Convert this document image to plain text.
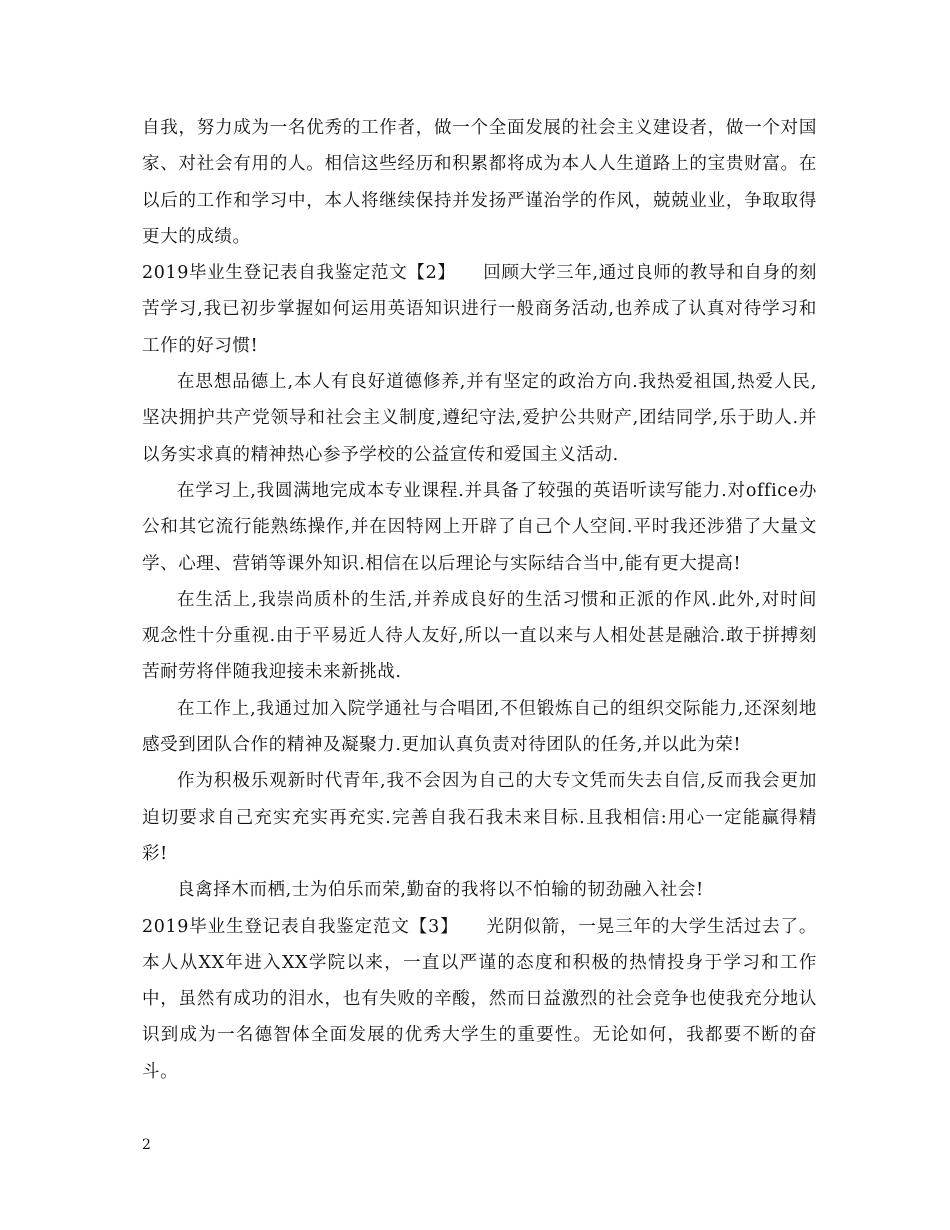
自我，努力成为一名优秀的工作者，做一个全面发展的社会主义建设者，做一个对国家、对社会有用的人。相信这些经历和积累都将成为本人人生道路上的宝贵财富。在以后的工作和学习中，本人将继续保持并发扬严谨治学的作风，兢兢业业，争取取得更大的成绩。

2019毕业生登记表自我鉴定范文【2】　　回顾大学三年,通过良师的教导和自身的刻苦学习,我已初步掌握如何运用英语知识进行一般商务活动,也养成了认真对待学习和工作的好习惯!

在思想品德上,本人有良好道德修养,并有坚定的政治方向.我热爱祖国,热爱人民,坚决拥护共产党领导和社会主义制度,遵纪守法,爱护公共财产,团结同学,乐于助人.并以务实求真的精神热心参予学校的公益宣传和爱国主义活动.

在学习上,我圆满地完成本专业课程.并具备了较强的英语听读写能力.对office办公和其它流行能熟练操作,并在因特网上开辟了自己个人空间.平时我还涉猎了大量文学、心理、营销等课外知识.相信在以后理论与实际结合当中,能有更大提高!

在生活上,我崇尚质朴的生活,并养成良好的生活习惯和正派的作风.此外,对时间观念性十分重视.由于平易近人待人友好,所以一直以来与人相处甚是融洽.敢于拼搏刻苦耐劳将伴随我迎接未来新挑战.

在工作上,我通过加入院学通社与合唱团,不但锻炼自己的组织交际能力,还深刻地感受到团队合作的精神及凝聚力.更加认真负责对待团队的任务,并以此为荣!

作为积极乐观新时代青年,我不会因为自己的大专文凭而失去自信,反而我会更加迫切要求自己充实充实再充实.完善自我石我未来目标.且我相信:用心一定能赢得精彩!

良禽择木而栖,士为伯乐而荣,勤奋的我将以不怕输的韧劲融入社会!

2019毕业生登记表自我鉴定范文【3】　　光阴似箭，一晃三年的大学生活过去了。本人从XX年进入XX学院以来，一直以严谨的态度和积极的热情投身于学习和工作中，虽然有成功的泪水，也有失败的辛酸，然而日益激烈的社会竞争也使我充分地认识到成为一名德智体全面发展的优秀大学生的重要性。无论如何，我都要不断的奋斗。

2
